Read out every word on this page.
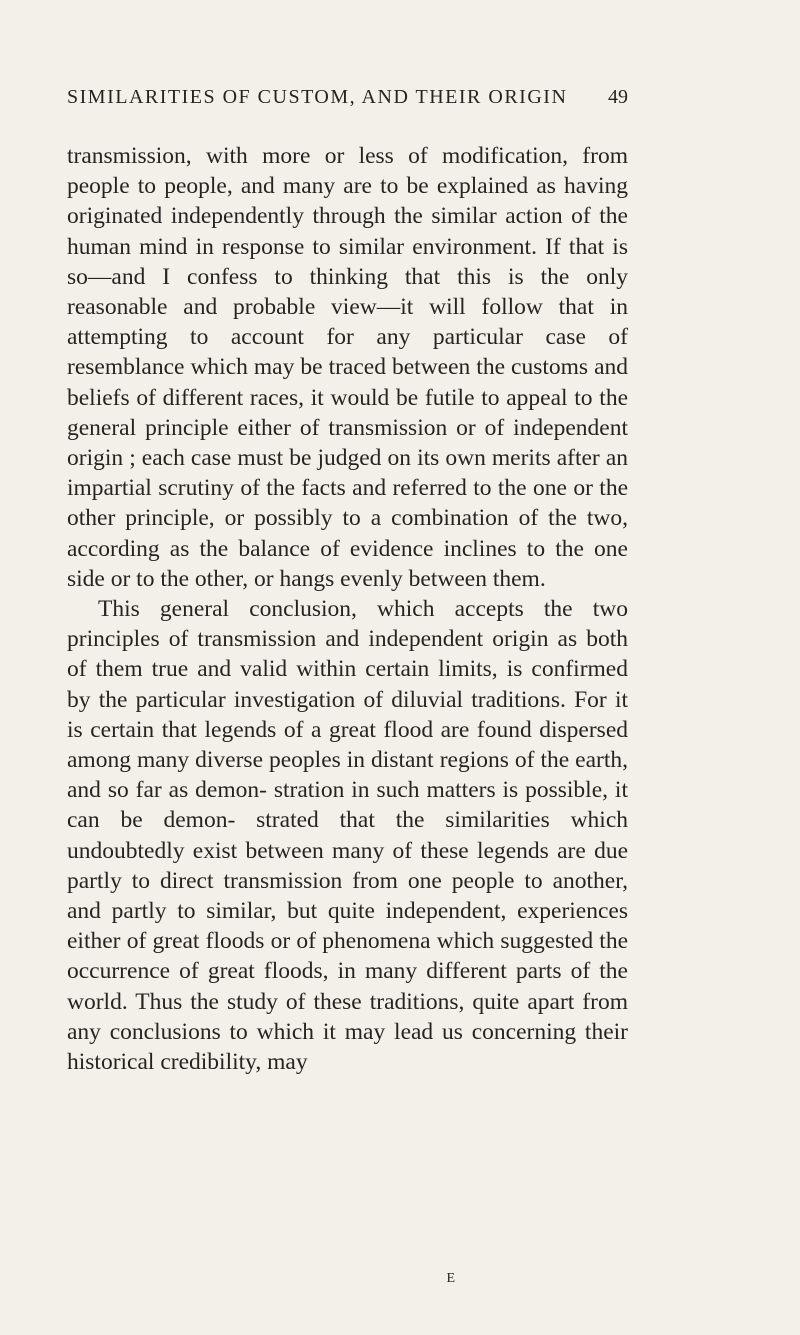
SIMILARITIES OF CUSTOM, AND THEIR ORIGIN 49

transmission, with more or less of modification, from people to people, and many are to be explained as having originated independently through the similar action of the human mind in response to similar environment. If that is so—and I confess to thinking that this is the only reasonable and probable view—it will follow that in attempting to account for any particular case of resemblance which may be traced between the customs and beliefs of different races, it would be futile to appeal to the general principle either of transmission or of independent origin ; each case must be judged on its own merits after an impartial scrutiny of the facts and referred to the one or the other principle, or possibly to a combination of the two, according as the balance of evidence inclines to the one side or to the other, or hangs evenly between them.

This general conclusion, which accepts the two principles of transmission and independent origin as both of them true and valid within certain limits, is confirmed by the particular investigation of diluvial traditions. For it is certain that legends of a great flood are found dispersed among many diverse peoples in distant regions of the earth, and so far as demon- stration in such matters is possible, it can be demon- strated that the similarities which undoubtedly exist between many of these legends are due partly to direct transmission from one people to another, and partly to similar, but quite independent, experiences either of great floods or of phenomena which suggested the occurrence of great floods, in many different parts of the world. Thus the study of these traditions, quite apart from any conclusions to which it may lead us concerning their historical credibility, may

E
